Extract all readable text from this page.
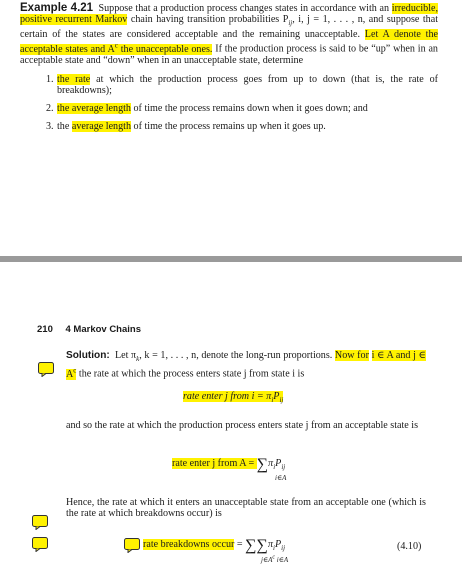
Example 4.21 Suppose that a production process changes states in accordance with an irreducible, positive recurrent Markov chain having transition probabilities $P_{ij}$, i, j = 1, . . . , n, and suppose that certain of the states are considered acceptable and the remaining unacceptable. Let A denote the acceptable states and $A^c$ the unacceptable ones. If the production process is said to be “up” when in an acceptable state and “down” when in an unacceptable state, determine

1. the rate at which the production process goes from up to down (that is, the rate of breakdowns);
2. the average length of time the process remains down when it goes down; and
3. the average length of time the process remains up when it goes up.
210 4 Markov Chains
Solution: Let $\pi_k$, k = 1, . . . , n, denote the long-run proportions. Now for i ∈ A and j ∈ $A^c$ the rate at which the process enters state j from state i is
rate enter j from $i = \pi_iP_{ij}$
and so the rate at which the production process enters state j from an acceptable state is
rate enter j from $A = \sum\pi_iP_{ij}$
i∈A
Hence, the rate at which it enters an unacceptable state from an acceptable one (which is the rate at which breakdowns occur) is
rate breakdowns occur = $\sum\sum\pi_iP_{ij}$
$j\in A^c$ i∈A
(4.10)
